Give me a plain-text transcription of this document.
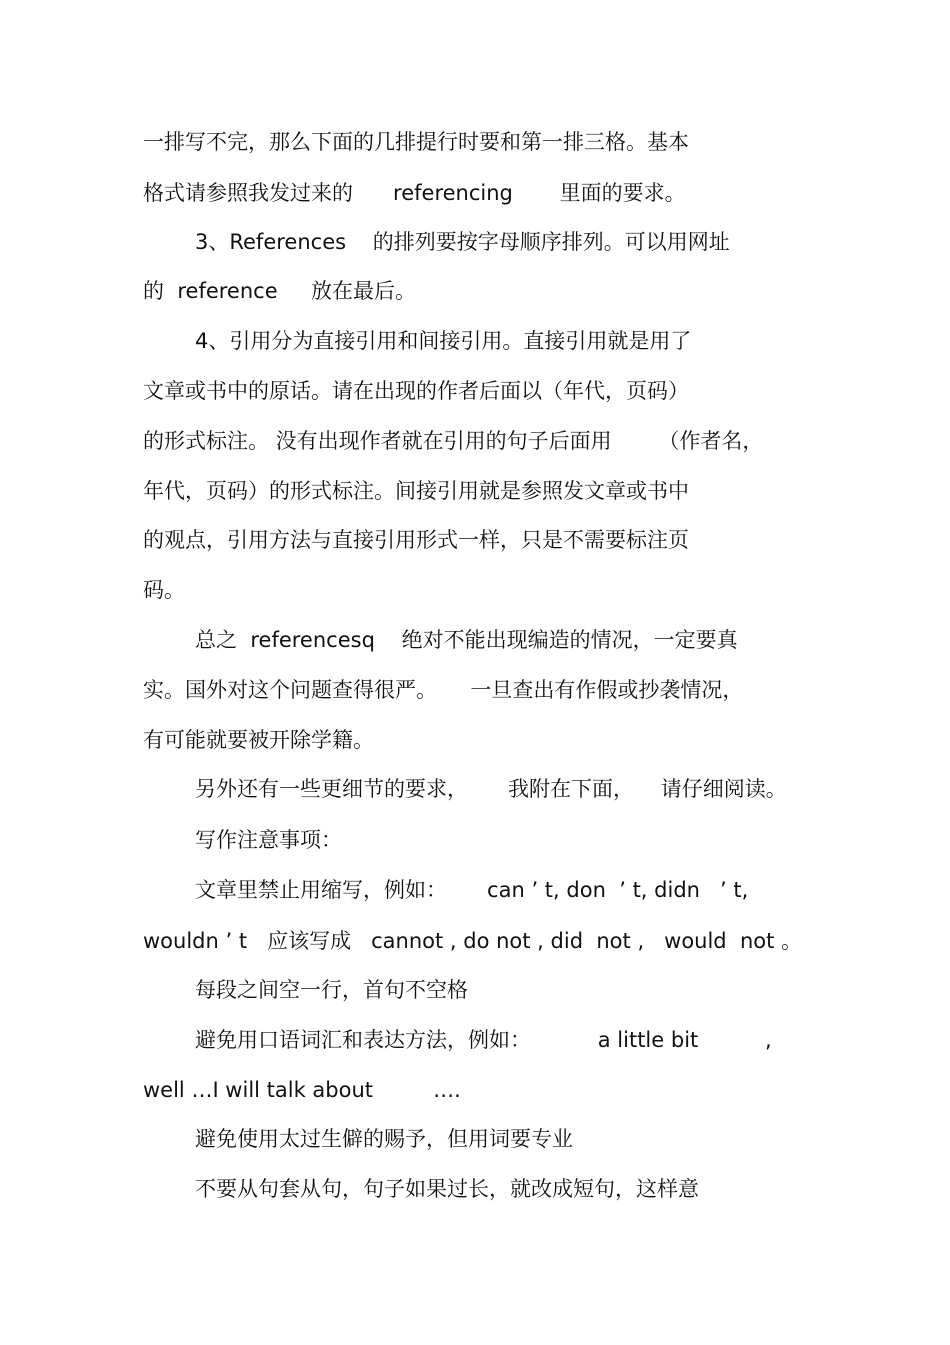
一排写不完，那么下面的几排提行时要和第一排三格。基本
格式请参照我发过来的      referencing       里面的要求。
3、References    的排列要按字母顺序排列。可以用网址
的  reference     放在最后。
4、引用分为直接引用和间接引用。直接引用就是用了
文章或书中的原话。请在出现的作者后面以（年代，页码）
的形式标注。 没有出现作者就在引用的句子后面用       （作者名，
年代，页码）的形式标注。间接引用就是参照发文章或书中
的观点，引用方法与直接引用形式一样，只是不需要标注页
码。
总之  referencesq    绝对不能出现编造的情况，一定要真
实。国外对这个问题查得很严。     一旦查出有作假或抄袭情况，
有可能就要被开除学籍。
另外还有一些更细节的要求，      我附在下面，    请仔细阅读。
写作注意事项：
文章里禁止用缩写，例如：      can ’ t, don  ’ t, didn   ’ t,
wouldn ’ t   应该写成   cannot , do not , did  not ,   would  not 。
每段之间空一行，首句不空格
避免用口语词汇和表达方法，例如：          a little bit          ,
well …I will talk about         ….
避免使用太过生僻的赐予，但用词要专业
不要从句套从句，句子如果过长，就改成短句，这样意
